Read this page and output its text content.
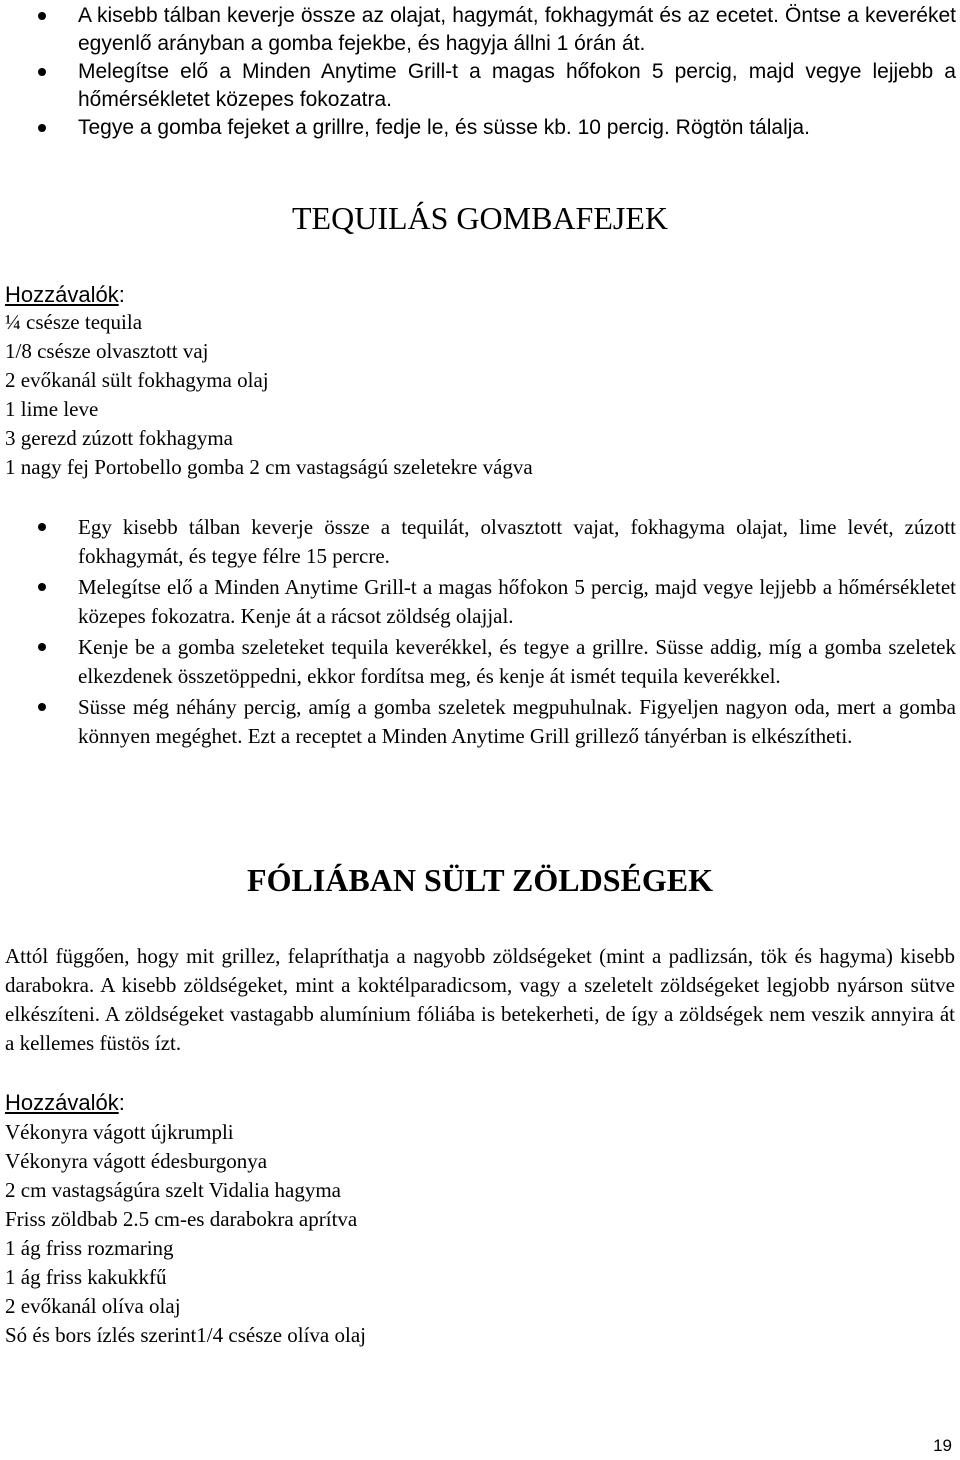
A kisebb tálban keverje össze az olajat, hagymát, fokhagymát és az ecetet. Öntse a keveréket egyenlő arányban a gomba fejekbe, és hagyja állni 1 órán át.
Melegítse elő a Minden Anytime Grill-t a magas hőfokon 5 percig, majd vegye lejjebb a hőmérsékletet közepes fokozatra.
Tegye a gomba fejeket a grillre, fedje le, és süsse kb. 10 percig. Rögtön tálalja.
TEQUILÁS GOMBAFEJEK

Hozzávalók:

¼ csésze tequila
1/8 csésze olvasztott vaj
2 evőkanál sült fokhagyma olaj
1 lime leve
3 gerezd zúzott fokhagyma
1 nagy fej Portobello gomba 2 cm vastagságú szeletekre vágva
Egy kisebb tálban keverje össze a tequilát, olvasztott vajat, fokhagyma olajat, lime levét, zúzott fokhagymát, és tegye félre 15 percre.
Melegítse elő a Minden Anytime Grill-t a magas hőfokon 5 percig, majd vegye lejjebb a hőmérsékletet közepes fokozatra. Kenje át a rácsot zöldség olajjal.
Kenje be a gomba szeleteket tequila keverékkel, és tegye a grillre. Süsse addig, míg a gomba szeletek elkezdenek összetöppedni, ekkor fordítsa meg, és kenje át ismét tequila keverékkel.
Süsse még néhány percig, amíg a gomba szeletek megpuhulnak. Figyeljen nagyon oda, mert a gomba könnyen megéghet. Ezt a receptet a Minden Anytime Grill grillező tányérban is elkészítheti.
FÓLIÁBAN SÜLT ZÖLDSÉGEK

Attól függően, hogy mit grillez, felapríthatja a nagyobb zöldségeket (mint a padlizsán, tök és hagyma) kisebb darabokra. A kisebb zöldségeket, mint a koktélparadicsom, vagy a szeletelt zöldségeket legjobb nyárson sütve elkészíteni. A zöldségeket vastagabb alumínium fóliába is betekerheti, de így a zöldségek nem veszik annyira át a kellemes füstös ízt.

Hozzávalók:

Vékonyra vágott újkrumpli
Vékonyra vágott édesburgonya
2 cm vastagságúra szelt Vidalia hagyma
Friss zöldbab 2.5 cm-es darabokra aprítva
1 ág friss rozmaring
1 ág friss kakukkfű
2 evőkanál olíva olaj
Só és bors ízlés szerint1/4 csésze olíva olaj
19
